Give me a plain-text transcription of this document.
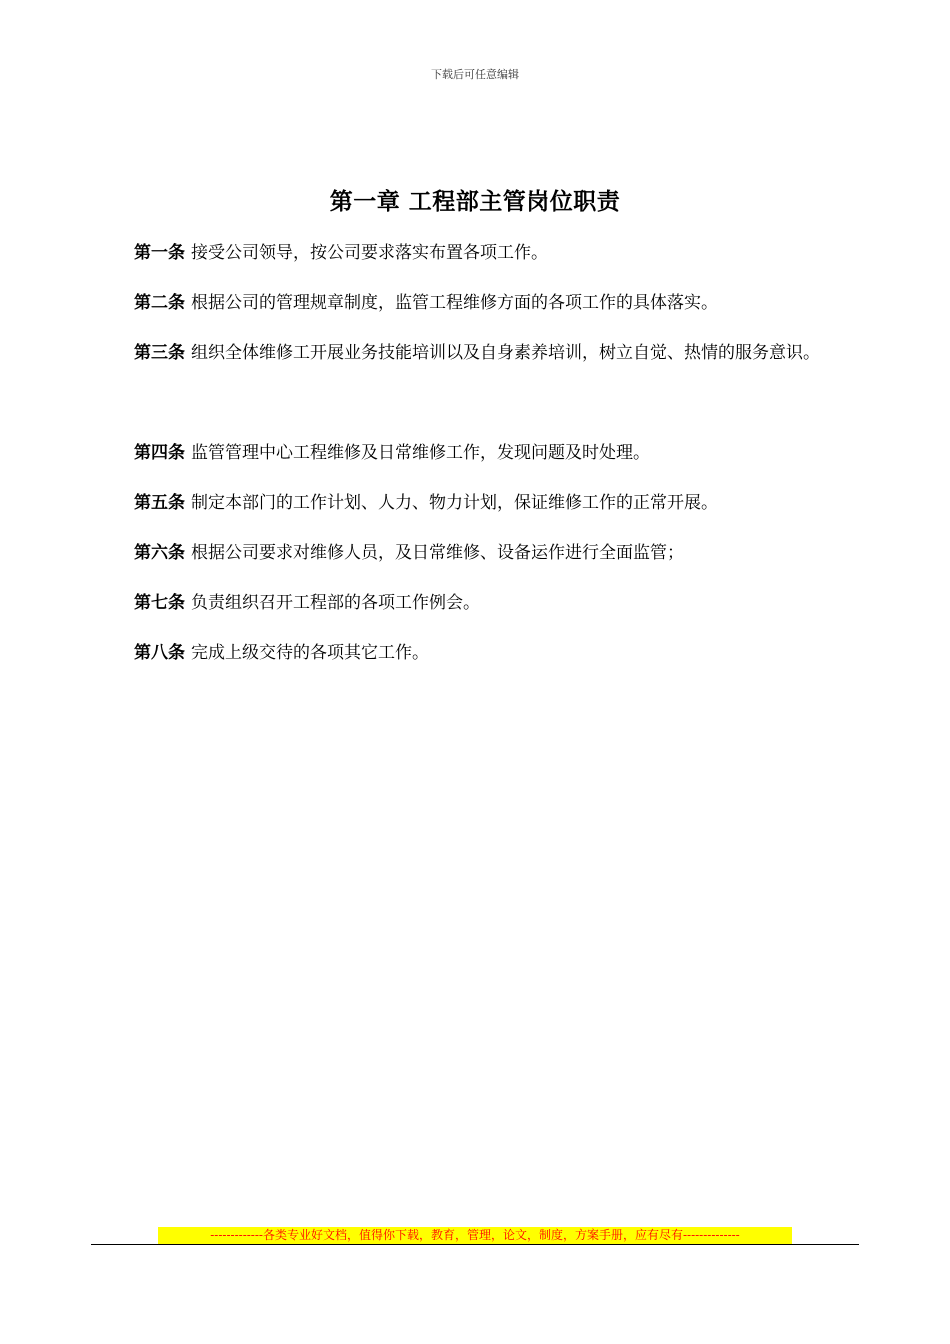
下载后可任意编辑
第一章 工程部主管岗位职责

第一条 接受公司领导，按公司要求落实布置各项工作。

第二条 根据公司的管理规章制度，监管工程维修方面的各项工作的具体落实。

第三条 组织全体维修工开展业务技能培训以及自身素养培训，树立自觉、热情的服务意识。

第四条 监管管理中心工程维修及日常维修工作，发现问题及时处理。

第五条 制定本部门的工作计划、人力、物力计划，保证维修工作的正常开展。

第六条 根据公司要求对维修人员，及日常维修、设备运作进行全面监管；

第七条 负责组织召开工程部的各项工作例会。

第八条 完成上级交待的各项其它工作。

-------------各类专业好文档，值得你下载，教育，管理，论文，制度，方案手册，应有尽有--------------
